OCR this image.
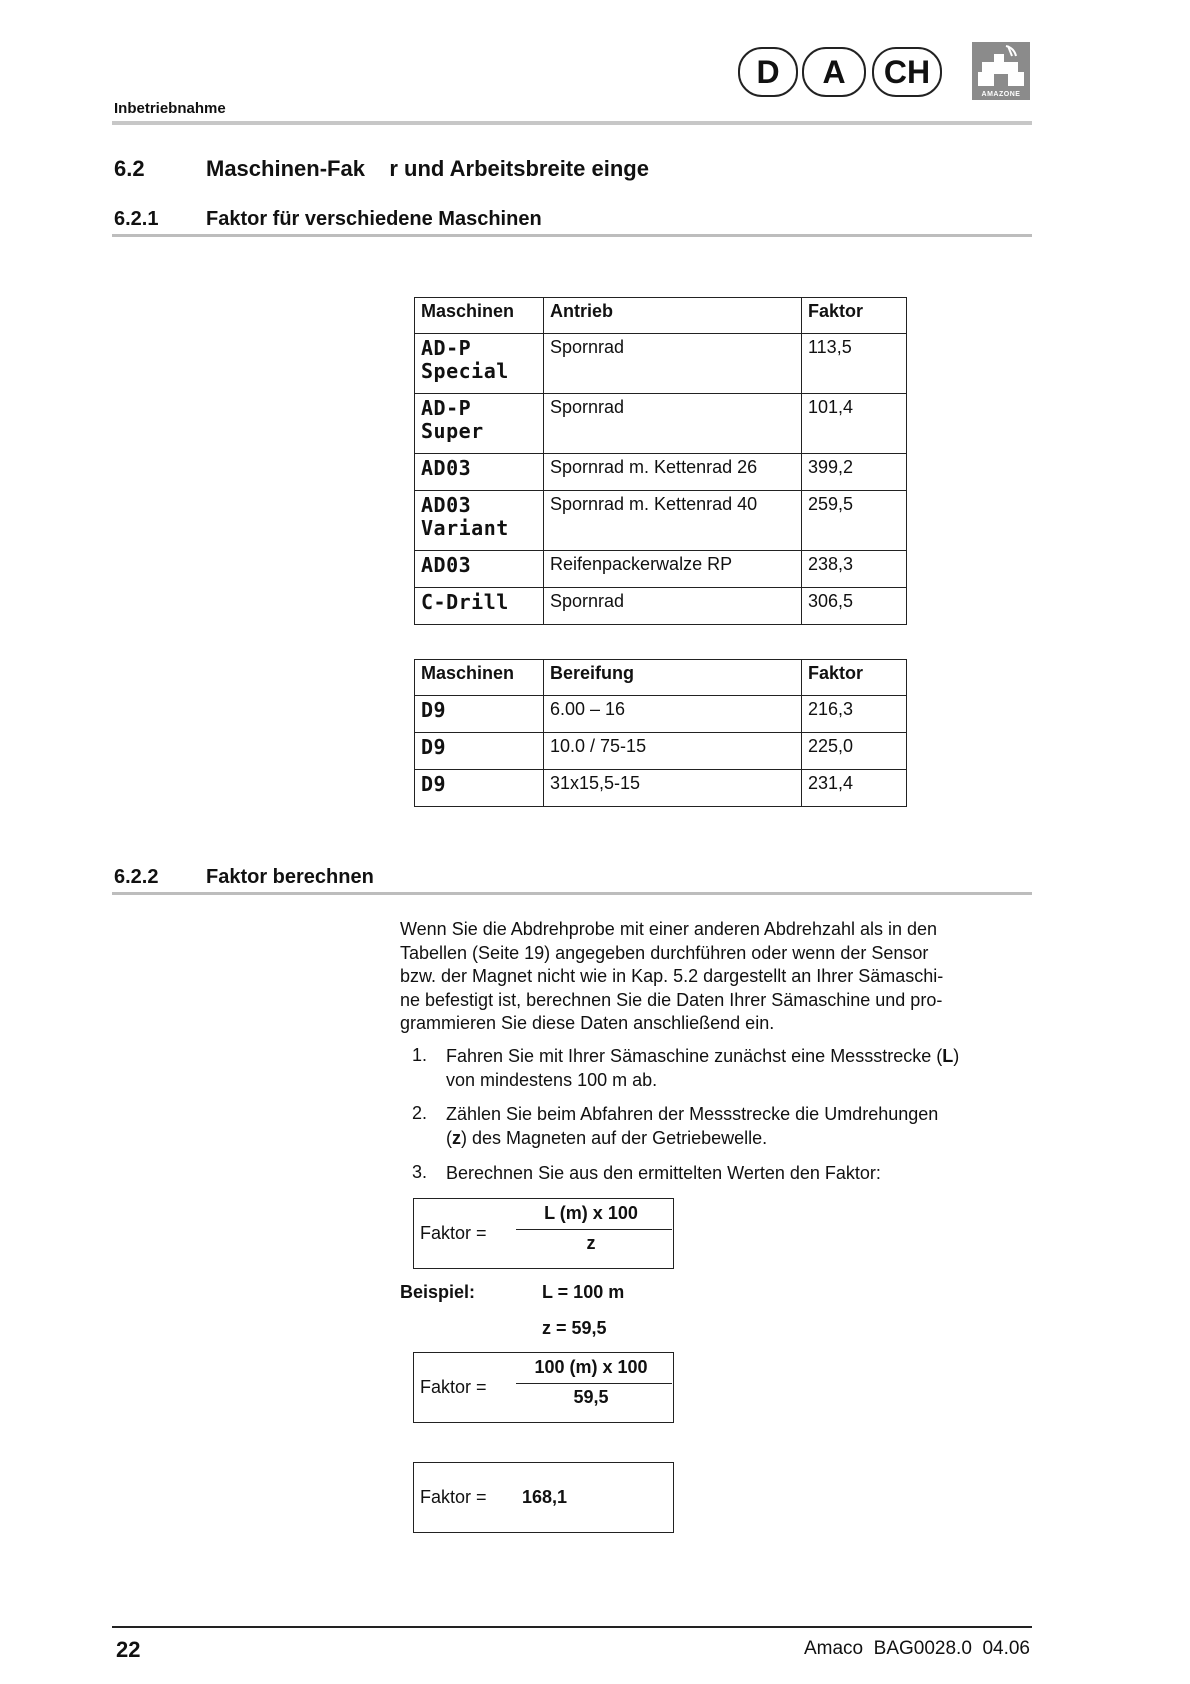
D	A	CH
AMAZONE
Inbetriebnahme
6.2	Maschinen-Fak    r und Arbeitsbreite einge
6.2.1 Faktor für verschiedene Maschinen
Maschinen	Antrieb	Faktor

AD-P
Special	Spornrad	113,5

AD-P
Super	Spornrad	101,4

AD03	Spornrad m. Kettenrad 26	399,2

AD03
Variant	Spornrad m. Kettenrad 40	259,5

AD03	Reifenpackerwalze RP	238,3

C-Drill	Spornrad	306,5
Maschinen	Bereifung	Faktor

D9	6.00 – 16	216,3

D9	10.0 / 75-15	225,0

D9	31x15,5-15	231,4
6.2.2 Faktor berechnen
Wenn Sie die Abdrehprobe mit einer anderen Abdrehzahl als in den
Tabellen (Seite 19) angegeben durchführen oder wenn der Sensor
bzw. der Magnet nicht wie in Kap. 5.2 dargestellt an Ihrer Sämaschi-
ne befestigt ist, berechnen Sie die Daten Ihrer Sämaschine und pro-
grammieren Sie diese Daten anschließend ein.
1. Fahren Sie mit Ihrer Sämaschine zunächst eine Messstrecke (L)
von mindestens 100 m ab.
2. Zählen Sie beim Abfahren der Messstrecke die Umdrehungen
(z) des Magneten auf der Getriebewelle.
3. Berechnen Sie aus den ermittelten Werten den Faktor:
Faktor =
L (m) x 100
z
Beispiel:	L = 100 m
z = 59,5
Faktor =
100 (m) x 100
59,5
Faktor = 168,1
22	Amaco  BAG0028.0  04.06
